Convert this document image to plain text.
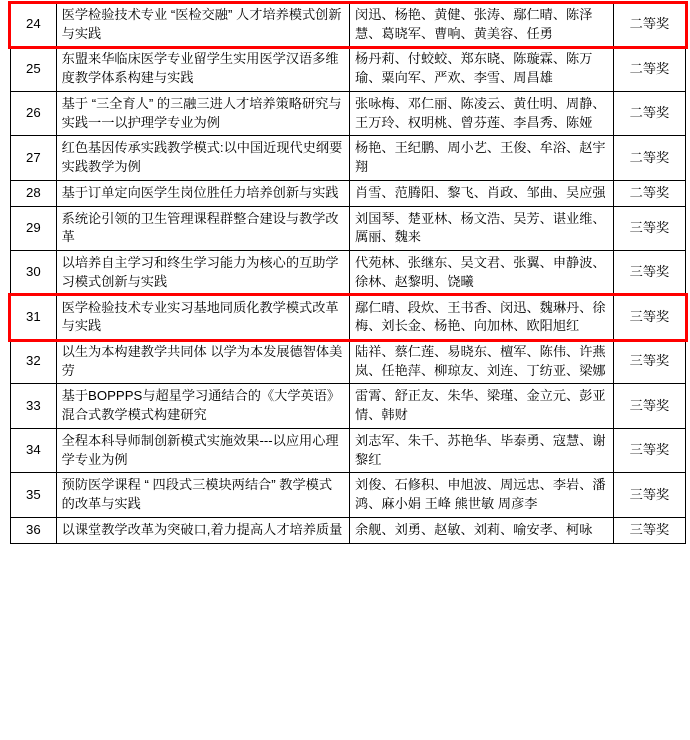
24	医学检验技术专业 “医检交融” 人才培养模式创新与实践	闵迅、杨艳、黄健、张涛、鄢仁晴、陈泽慧、葛晓军、曹响、黄美容、任勇	二等奖
25	东盟来华临床医学专业留学生实用医学汉语多维度教学体系构建与实践	杨丹莉、付蛟蛟、郑东晓、陈璇霖、陈万瑜、粟向军、严欢、李雪、周昌雄	二等奖
26	基于 “三全育人” 的三融三进人才培养策略研究与实践一一以护理学专业为例	张咏梅、邓仁丽、陈凌云、黄仕明、周静、王万玲、权明桃、曾芬莲、李昌秀、陈娅	二等奖
27	红色基因传承实践教学模式:以中国近现代史纲要实践教学为例	杨艳、王纪鹏、周小艺、王俊、牟浴、赵宇翔	二等奖
28	基于订单定向医学生岗位胜任力培养创新与实践	肖雪、范腾阳、黎飞、肖政、邹曲、吴应强	二等奖
29	系统论引领的卫生管理课程群整合建设与教学改革	刘国琴、楚亚林、杨文浩、吴芳、谌业维、厲丽、魏来	三等奖
30	以培养自主学习和终生学习能力为核心的互助学习模式创新与实践	代苑林、张继东、吴文君、张翼、申静波、徐林、赵黎明、饶曦	三等奖
31	医学检验技术专业实习基地同质化教学模式改革与实践	鄢仁晴、段炊、王书香、闵迅、魏琳丹、徐梅、刘长金、杨艳、向加林、欧阳旭红	三等奖
32	以生为本构建教学共同体 以学为本发展德智体美劳	陆祥、蔡仁莲、易晓东、檀军、陈伟、许燕岚、任艳萍、柳琼友、刘连、丁纺亚、梁娜	三等奖
33	基于BOPPPS与超星学习通结合的《大学英语》混合式教学模式构建研究	雷霄、舒正友、朱华、梁瑾、金立元、彭亚情、韩财	三等奖
34	全程本科导师制创新模式实施效果---以应用心理学专业为例	刘志军、朱千、苏艳华、毕泰勇、寇慧、谢黎红	三等奖
35	预防医学课程 “ 四段式三模块两结合” 教学模式的改革与实践	刘俊、石修积、申旭波、周远忠、李岩、潘鸿、麻小娟 王峰 熊世敏 周彦李	三等奖
36	以课堂教学改革为突破口,着力提高人才培养质量	余舰、刘勇、赵敏、刘莉、喻安孝、柯咏	三等奖
